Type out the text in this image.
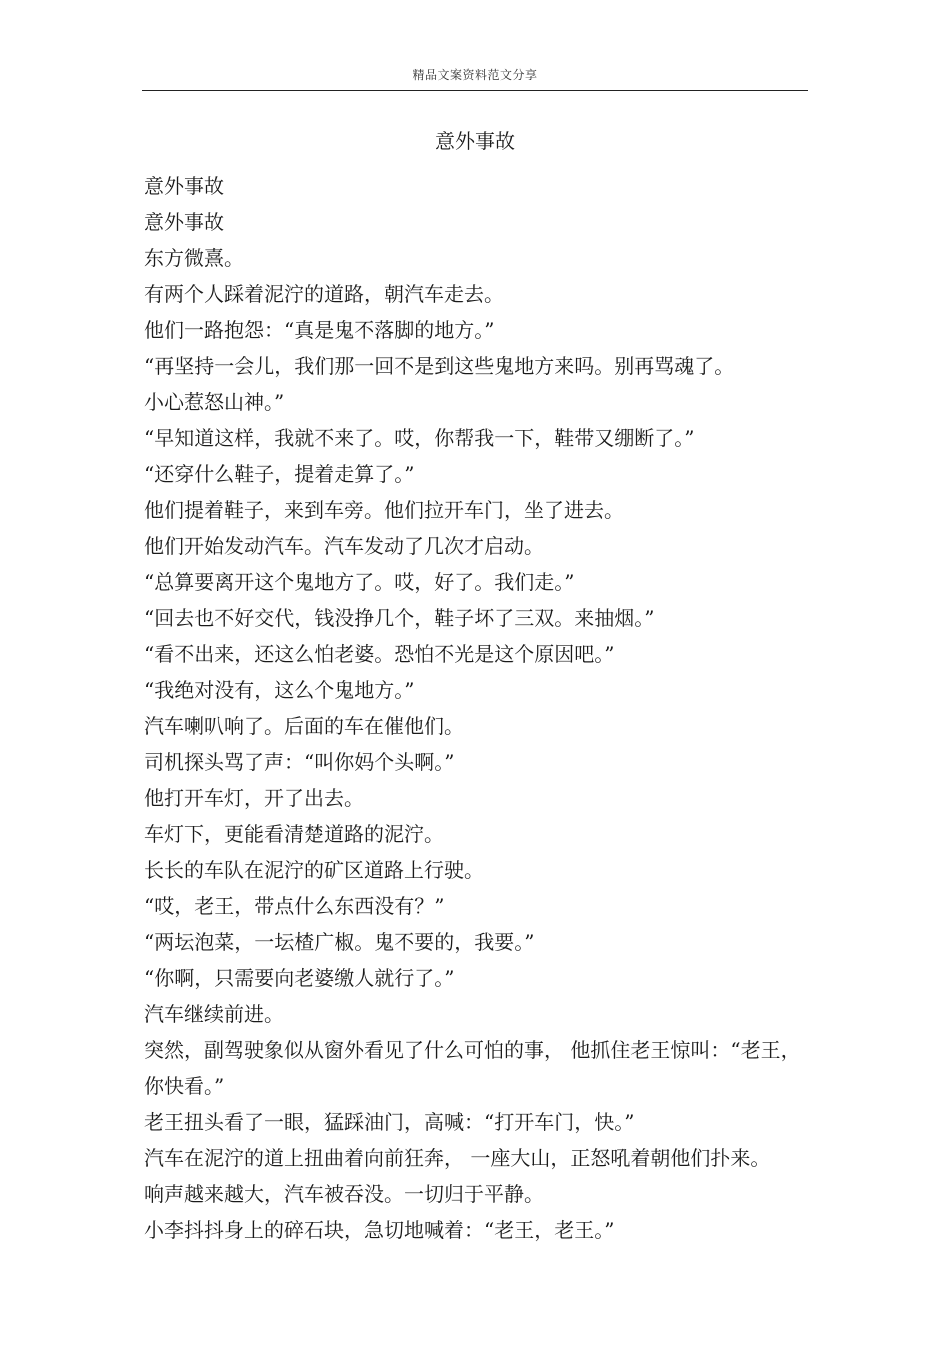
精品文案资料范文分享
意外事故

意外事故

意外事故

东方微熹。

有两个人踩着泥泞的道路，朝汽车走去。

他们一路抱怨：“真是鬼不落脚的地方。”

“再坚持一会儿，我们那一回不是到这些鬼地方来吗。别再骂魂了。

小心惹怒山神。”

“早知道这样，我就不来了。哎，你帮我一下，鞋带又绷断了。”

“还穿什么鞋子，提着走算了。”

他们提着鞋子，来到车旁。他们拉开车门，坐了进去。

他们开始发动汽车。汽车发动了几次才启动。

“总算要离开这个鬼地方了。哎，好了。我们走。”

“回去也不好交代，钱没挣几个，鞋子坏了三双。来抽烟。”

“看不出来，还这么怕老婆。恐怕不光是这个原因吧。”

“我绝对没有，这么个鬼地方。”

汽车喇叭响了。后面的车在催他们。

司机探头骂了声：“叫你妈个头啊。”

他打开车灯，开了出去。

车灯下，更能看清楚道路的泥泞。

长长的车队在泥泞的矿区道路上行驶。

“哎，老王，带点什么东西没有？”

“两坛泡菜，一坛楂广椒。鬼不要的，我要。”

“你啊，只需要向老婆缴人就行了。”

汽车继续前进。

突然，副驾驶象似从窗外看见了什么可怕的事， 他抓住老王惊叫：“老王，你快看。”

老王扭头看了一眼，猛踩油门，高喊：“打开车门，快。”

汽车在泥泞的道上扭曲着向前狂奔， 一座大山，正怒吼着朝他们扑来。

响声越来越大，汽车被吞没。一切归于平静。

小李抖抖身上的碎石块，急切地喊着：“老王，老王。”
